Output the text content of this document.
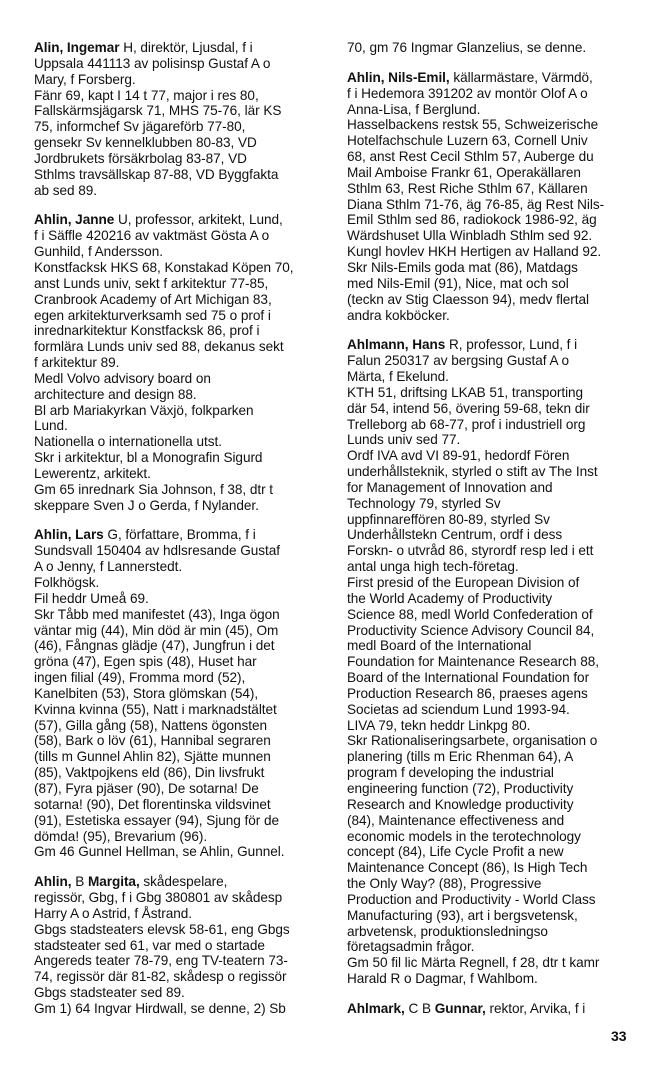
Alin, Ingemar H, direktör, Ljusdal, f i
Uppsala 441113 av polisinsp Gustaf A o
Mary, f Forsberg.
Fänr 69, kapt I 14 t 77, major i res 80,
Fallskärmsjägarsk 71, MHS 75-76, lär KS
75, informchef Sv jägareförb 77-80,
gensekr Sv kennelklubben 80-83, VD
Jordbrukets försäkrbolag 83-87, VD
Sthlms travsällskap 87-88, VD Byggfakta
ab sed 89.
Ahlin, Janne U, professor, arkitekt, Lund,
f i Säffle 420216 av vaktmäst Gösta A o
Gunhild, f Andersson.
Konstfacksk HKS 68, Konstakad Köpen 70,
anst Lunds univ, sekt f arkitektur 77-85,
Cranbrook Academy of Art Michigan 83,
egen arkitekturverksamh sed 75 o prof i
inrednarkitektur Konstfacksk 86, prof i
formlära Lunds univ sed 88, dekanus sekt
f arkitektur 89.
Medl Volvo advisory board on
architecture and design 88.
Bl arb Mariakyrkan Växjö, folkparken
Lund.
Nationella o internationella utst.
Skr i arkitektur, bl a Monografin Sigurd
Lewerentz, arkitekt.
Gm 65 inrednark Sia Johnson, f 38, dtr t
skeppare Sven J o Gerda, f Nylander.
Ahlin, Lars G, författare, Bromma, f i
Sundsvall 150404 av hdlsresande Gustaf
A o Jenny, f Lannerstedt.
Folkhögsk.
Fil heddr Umeå 69.
Skr Tåbb med manifestet (43), Inga ögon
väntar mig (44), Min död är min (45), Om
(46), Fångnas glädje (47), Jungfrun i det
gröna (47), Egen spis (48), Huset har
ingen filial (49), Fromma mord (52),
Kanelbiten (53), Stora glömskan (54),
Kvinna kvinna (55), Natt i marknadstältet
(57), Gilla gång (58), Nattens ögonsten
(58), Bark o löv (61), Hannibal segraren
(tills m Gunnel Ahlin 82), Sjätte munnen
(85), Vaktpojkens eld (86), Din livsfrukt
(87), Fyra pjäser (90), De sotarna! De
sotarna! (90), Det florentinska vildsvinet
(91), Estetiska essayer (94), Sjung för de
dömda! (95), Brevarium (96).
Gm 46 Gunnel Hellman, se Ahlin, Gunnel.
Ahlin, B Margita, skådespelare,
regissör, Gbg, f i Gbg 380801 av skådesp
Harry A o Astrid, f Åstrand.
Gbgs stadsteaters elevsk 58-61, eng Gbgs
stadsteater sed 61, var med o startade
Angereds teater 78-79, eng TV-teatern 73-
74, regissör där 81-82, skådesp o regissör
Gbgs stadsteater sed 89.
Gm 1) 64 Ingvar Hirdwall, se denne, 2) Sb
70, gm 76 Ingmar Glanzelius, se denne.
Ahlin, Nils-Emil, källarmästare, Värmdö,
f i Hedemora 391202 av montör Olof A o
Anna-Lisa, f Berglund.
Hasselbackens restsk 55, Schweizerische
Hotelfachschule Luzern 63, Cornell Univ
68, anst Rest Cecil Sthlm 57, Auberge du
Mail Amboise Frankr 61, Operakällaren
Sthlm 63, Rest Riche Sthlm 67, Källaren
Diana Sthlm 71-76, äg 76-85, äg Rest Nils-
Emil Sthlm sed 86, radiokock 1986-92, äg
Wärdshuset Ulla Winbladh Sthlm sed 92.
Kungl hovlev HKH Hertigen av Halland 92.
Skr Nils-Emils goda mat (86), Matdags
med Nils-Emil (91), Nice, mat och sol
(teckn av Stig Claesson 94), medv flertal
andra kokböcker.
Ahlmann, Hans R, professor, Lund, f i
Falun 250317 av bergsing Gustaf A o
Märta, f Ekelund.
KTH 51, driftsing LKAB 51, transporting
där 54, intend 56, övering 59-68, tekn dir
Trelleborg ab 68-77, prof i industriell org
Lunds univ sed 77.
Ordf IVA avd VI 89-91, hedordf Fören
underhållsteknik, styrled o stift av The Inst
for Management of Innovation and
Technology 79, styrled Sv
uppfinnareffören 80-89, styrled Sv
Underhållstekn Centrum, ordf i dess
Forskn- o utvråd 86, styrordf resp led i ett
antal unga high tech-företag.
First presid of the European Division of
the World Academy of Productivity
Science 88, medl World Confederation of
Productivity Science Advisory Council 84,
medl Board of the International
Foundation for Maintenance Research 88,
Board of the International Foundation for
Production Research 86, praeses agens
Societas ad sciendum Lund 1993-94.
LIVA 79, tekn heddr Linkpg 80.
Skr Rationaliseringsarbete, organisation o
planering (tills m Eric Rhenman 64), A
program f developing the industrial
engineering function (72), Productivity
Research and Knowledge productivity
(84), Maintenance effectiveness and
economic models in the terotechnology
concept (84), Life Cycle Profit a new
Maintenance Concept (86), Is High Tech
the Only Way? (88), Progressive
Production and Productivity - World Class
Manufacturing (93), art i bergsvetensk,
arbvetensk, produktionsledningsо
företagsadmin frågor.
Gm 50 fil lic Märta Regnell, f 28, dtr t kamr
Harald R o Dagmar, f Wahlbom.
Ahlmark, C B Gunnar, rektor, Arvika, f i
33
